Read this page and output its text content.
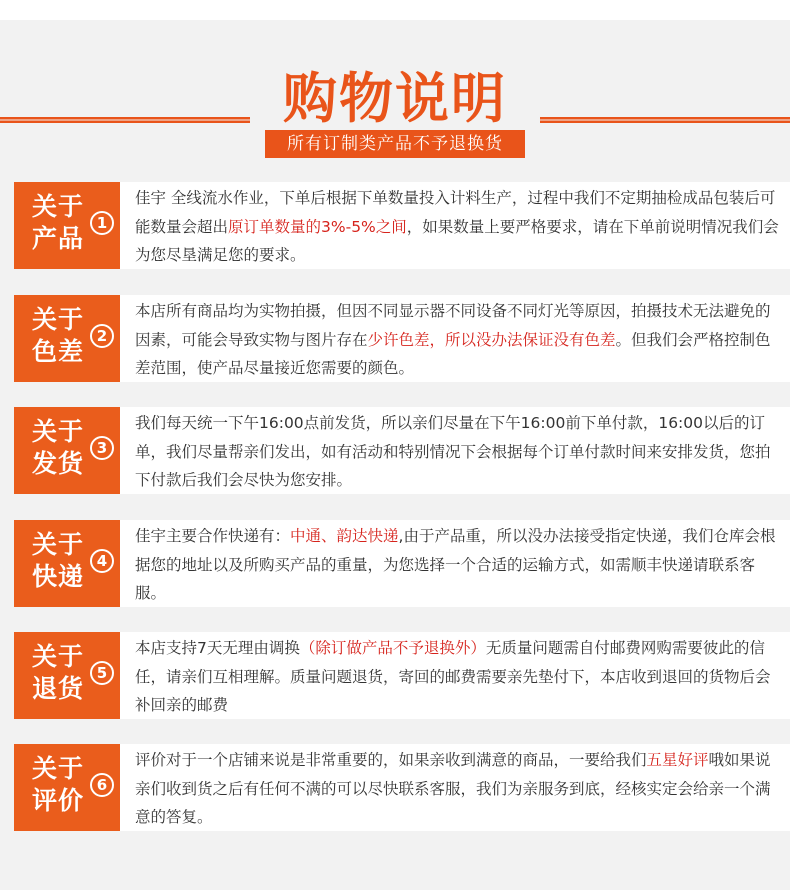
购物说明
所有订制类产品不予退换货
关于
产品
1
佳宇 全线流水作业，下单后根据下单数量投入计料生产，过程中我们不定期抽检成品包装后可能数量会超出原订单数量的3%-5%之间，如果数量上要严格要求，请在下单前说明情况我们会为您尽垦满足您的要求。
关于
色差
2
本店所有商品均为实物拍摄，但因不同显示器不同设备不同灯光等原因，拍摄技术无法避免的因素，可能会导致实物与图片存在少许色差，所以没办法保证没有色差。但我们会严格控制色差范围，使产品尽量接近您需要的颜色。
关于
发货
3
我们每天统一下午16:00点前发货，所以亲们尽量在下午16:00前下单付款，16:00以后的订单，我们尽量帮亲们发出，如有活动和特别情况下会根据每个订单付款时间来安排发货，您拍下付款后我们会尽快为您安排。
关于
快递
4
佳宇主要合作快递有：中通、韵达快递,由于产品重，所以没办法接受指定快递，我们仓库会根据您的地址以及所购买产品的重量，为您选择一个合适的运输方式，如需顺丰快递请联系客服。
关于
退货
5
本店支持7天无理由调换（除订做产品不予退换外）无质量问题需自付邮费网购需要彼此的信任，请亲们互相理解。质量问题退货，寄回的邮费需要亲先垫付下，本店收到退回的货物后会补回亲的邮费
关于
评价
6
评价对于一个店铺来说是非常重要的，如果亲收到满意的商品，一要给我们五星好评哦如果说亲们收到货之后有任何不满的可以尽快联系客服，我们为亲服务到底，经核实定会给亲一个满意的答复。
